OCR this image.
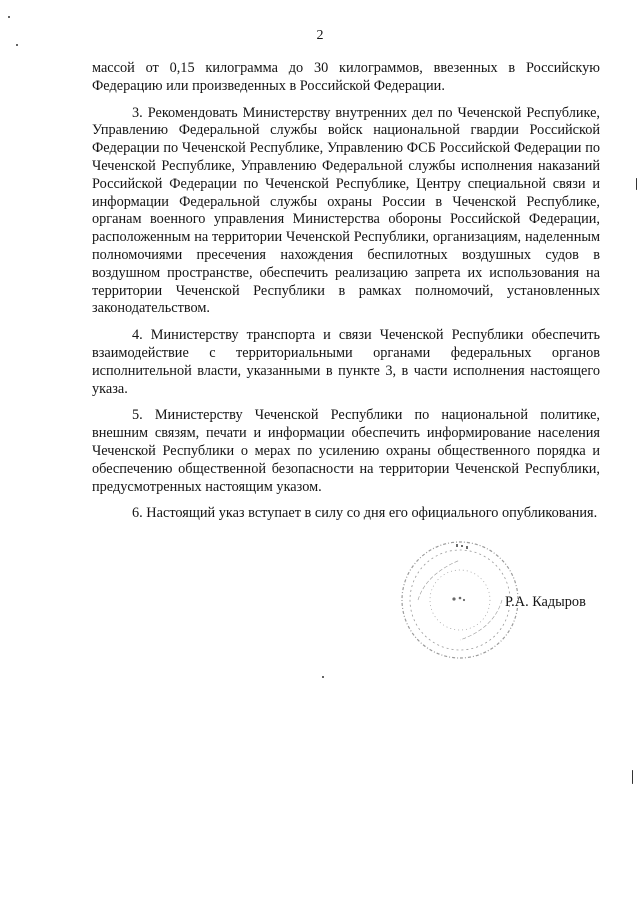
2

массой от 0,15 килограмма до 30 килограммов, ввезенных в Российскую Федерацию или произведенных в Российской Федерации.

3. Рекомендовать Министерству внутренних дел по Чеченской Республике, Управлению Федеральной службы войск национальной гвардии Российской Федерации по Чеченской Республике, Управлению ФСБ Российской Федерации по Чеченской Республике, Управлению Федеральной службы исполнения наказаний Российской Федерации по Чеченской Республике, Центру специальной связи и информации Федеральной службы охраны России в Чеченской Республике, органам военного управления Министерства обороны Российской Федерации, расположенным на территории Чеченской Республики, организациям, наделенным полномочиями пресечения нахождения беспилотных воздушных судов в воздушном пространстве, обеспечить реализацию запрета их использования на территории Чеченской Республики в рамках полномочий, установленных законодательством.

4. Министерству транспорта и связи Чеченской Республики обеспечить взаимодействие с территориальными органами федеральных органов исполнительной власти, указанными в пункте 3, в части исполнения настоящего указа.

5. Министерству Чеченской Республики по национальной политике, внешним связям, печати и информации обеспечить информирование населения Чеченской Республики о мерах по усилению охраны общественного порядка и обеспечению общественной безопасности на территории Чеченской Республики, предусмотренных настоящим указом.

6. Настоящий указ вступает в силу со дня его официального опубликования.

Р.А. Кадыров
